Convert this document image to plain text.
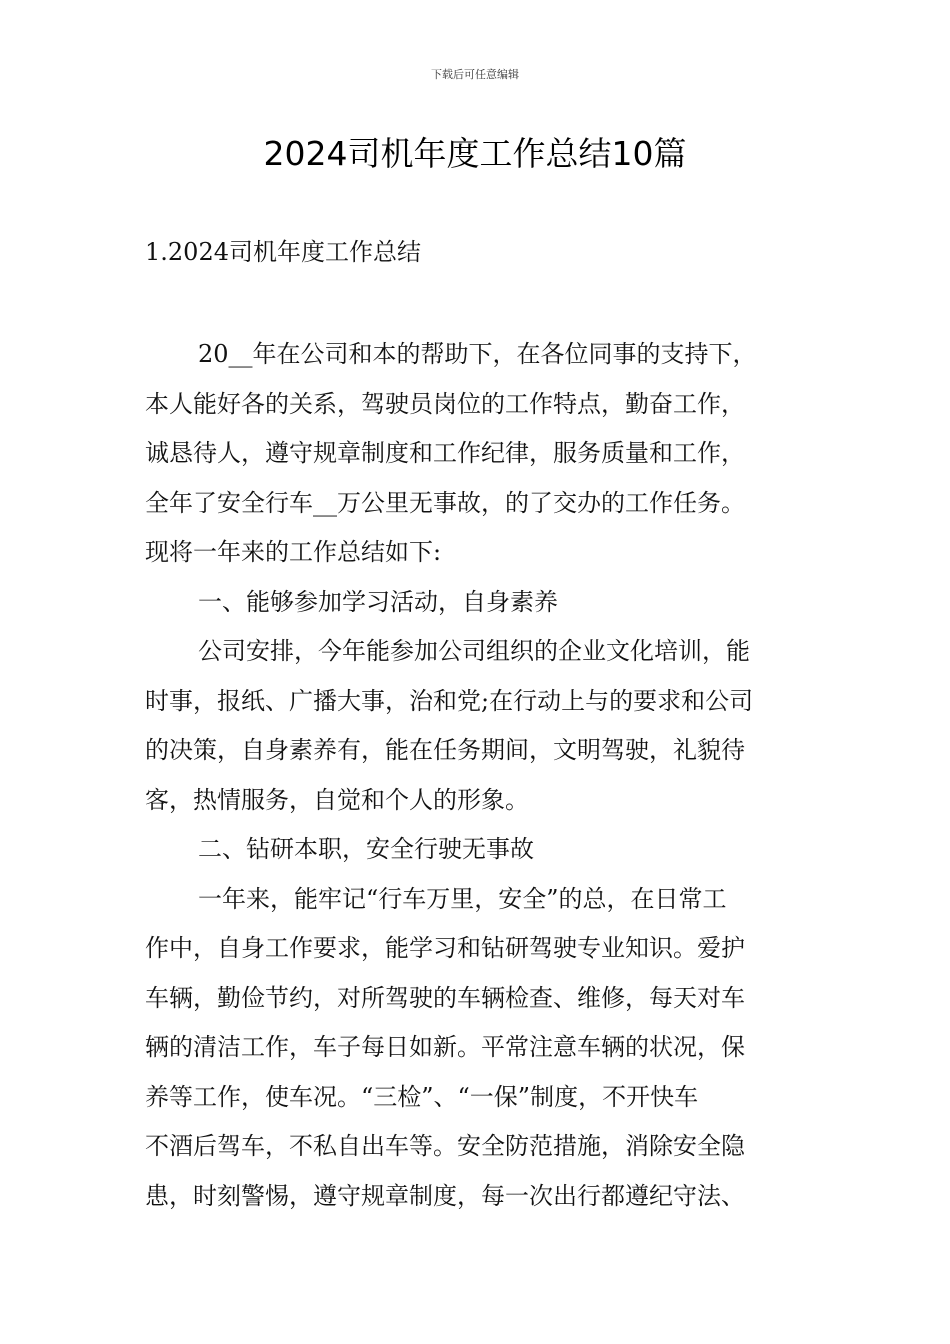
下载后可任意编辑
2024司机年度工作总结10篇
1.2024司机年度工作总结
20__年在公司和本的帮助下，在各位同事的支持下，
本人能好各的关系，驾驶员岗位的工作特点，勤奋工作，
诚恳待人，遵守规章制度和工作纪律，服务质量和工作，
全年了安全行车__万公里无事故，的了交办的工作任务。
现将一年来的工作总结如下:
一、能够参加学习活动，自身素养
公司安排，今年能参加公司组织的企业文化培训，能
时事，报纸、广播大事，治和党;在行动上与的要求和公司
的决策，自身素养有，能在任务期间，文明驾驶，礼貌待
客，热情服务，自觉和个人的形象。
二、钻研本职，安全行驶无事故
一年来，能牢记“行车万里，安全”的总，在日常工
作中，自身工作要求，能学习和钻研驾驶专业知识。爱护
车辆，勤俭节约，对所驾驶的车辆检查、维修，每天对车
辆的清洁工作，车子每日如新。平常注意车辆的状况，保
养等工作，使车况。“三检”、“一保”制度，不开快车
不酒后驾车，不私自出车等。安全防范措施，消除安全隐
患，时刻警惕，遵守规章制度，每一次出行都遵纪守法、
